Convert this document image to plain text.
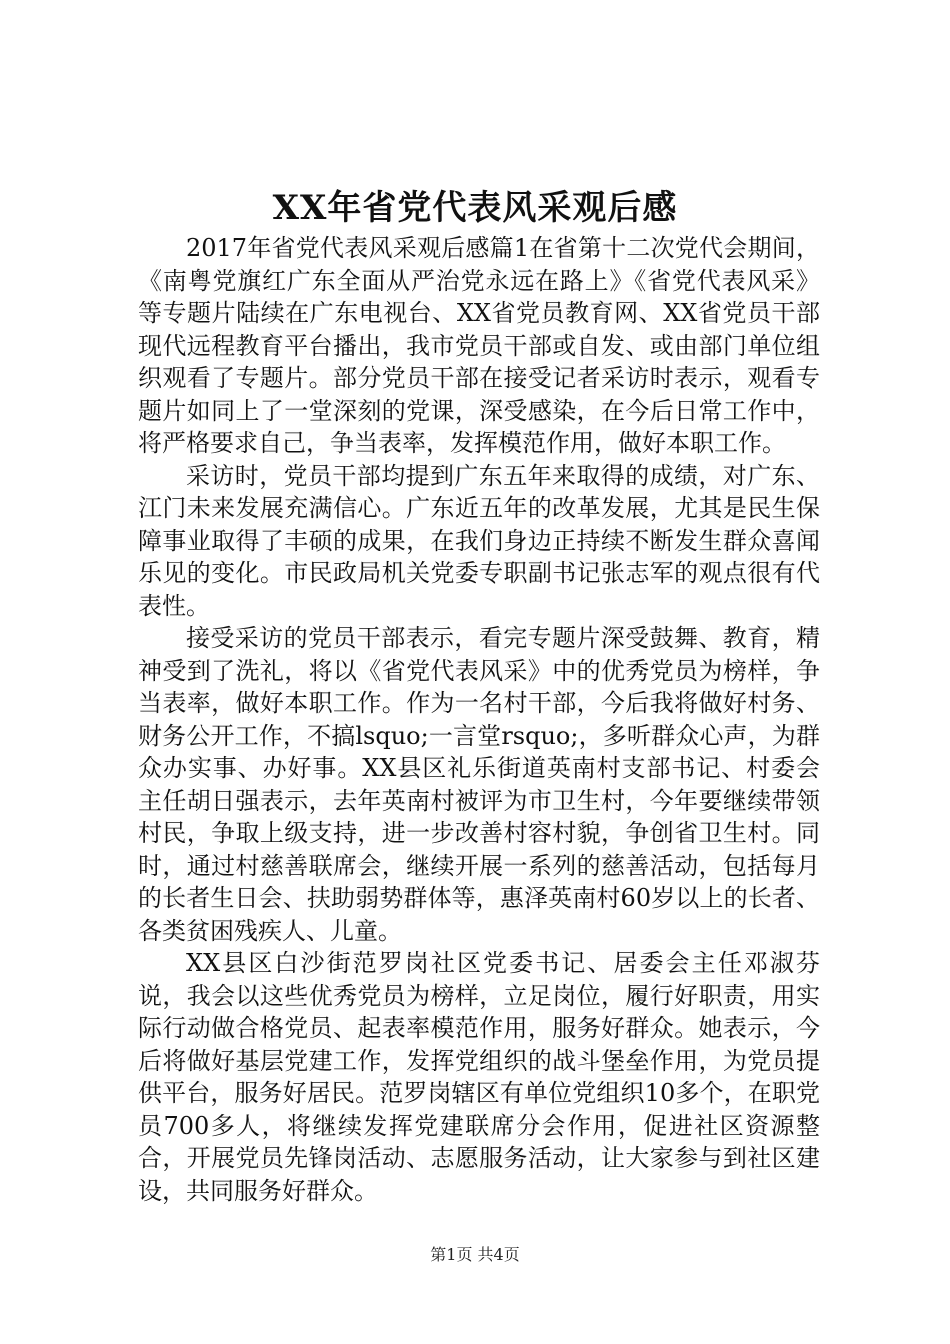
XX年省党代表风采观后感

2017年省党代表风采观后感篇1在省第十二次党代会期间，《南粤党旗红广东全面从严治党永远在路上》《省党代表风采》等专题片陆续在广东电视台、XX省党员教育网、XX省党员干部现代远程教育平台播出，我市党员干部或自发、或由部门单位组织观看了专题片。部分党员干部在接受记者采访时表示，观看专题片如同上了一堂深刻的党课，深受感染，在今后日常工作中，将严格要求自己，争当表率，发挥模范作用，做好本职工作。

采访时，党员干部均提到广东五年来取得的成绩，对广东、江门未来发展充满信心。广东近五年的改革发展，尤其是民生保障事业取得了丰硕的成果，在我们身边正持续不断发生群众喜闻乐见的变化。市民政局机关党委专职副书记张志军的观点很有代表性。

接受采访的党员干部表示，看完专题片深受鼓舞、教育，精神受到了洗礼，将以《省党代表风采》中的优秀党员为榜样，争当表率，做好本职工作。作为一名村干部，今后我将做好村务、财务公开工作，不搞lsquo;一言堂rsquo;，多听群众心声，为群众办实事、办好事。XX县区礼乐街道英南村支部书记、村委会主任胡日强表示，去年英南村被评为市卫生村，今年要继续带领村民，争取上级支持，进一步改善村容村貌，争创省卫生村。同时，通过村慈善联席会，继续开展一系列的慈善活动，包括每月的长者生日会、扶助弱势群体等，惠泽英南村60岁以上的长者、各类贫困残疾人、儿童。

XX县区白沙街范罗岗社区党委书记、居委会主任邓淑芬说，我会以这些优秀党员为榜样，立足岗位，履行好职责，用实际行动做合格党员、起表率模范作用，服务好群众。她表示，今后将做好基层党建工作，发挥党组织的战斗堡垒作用，为党员提供平台，服务好居民。范罗岗辖区有单位党组织10多个，在职党员700多人，将继续发挥党建联席分会作用，促进社区资源整合，开展党员先锋岗活动、志愿服务活动，让大家参与到社区建设，共同服务好群众。

第1页 共4页
